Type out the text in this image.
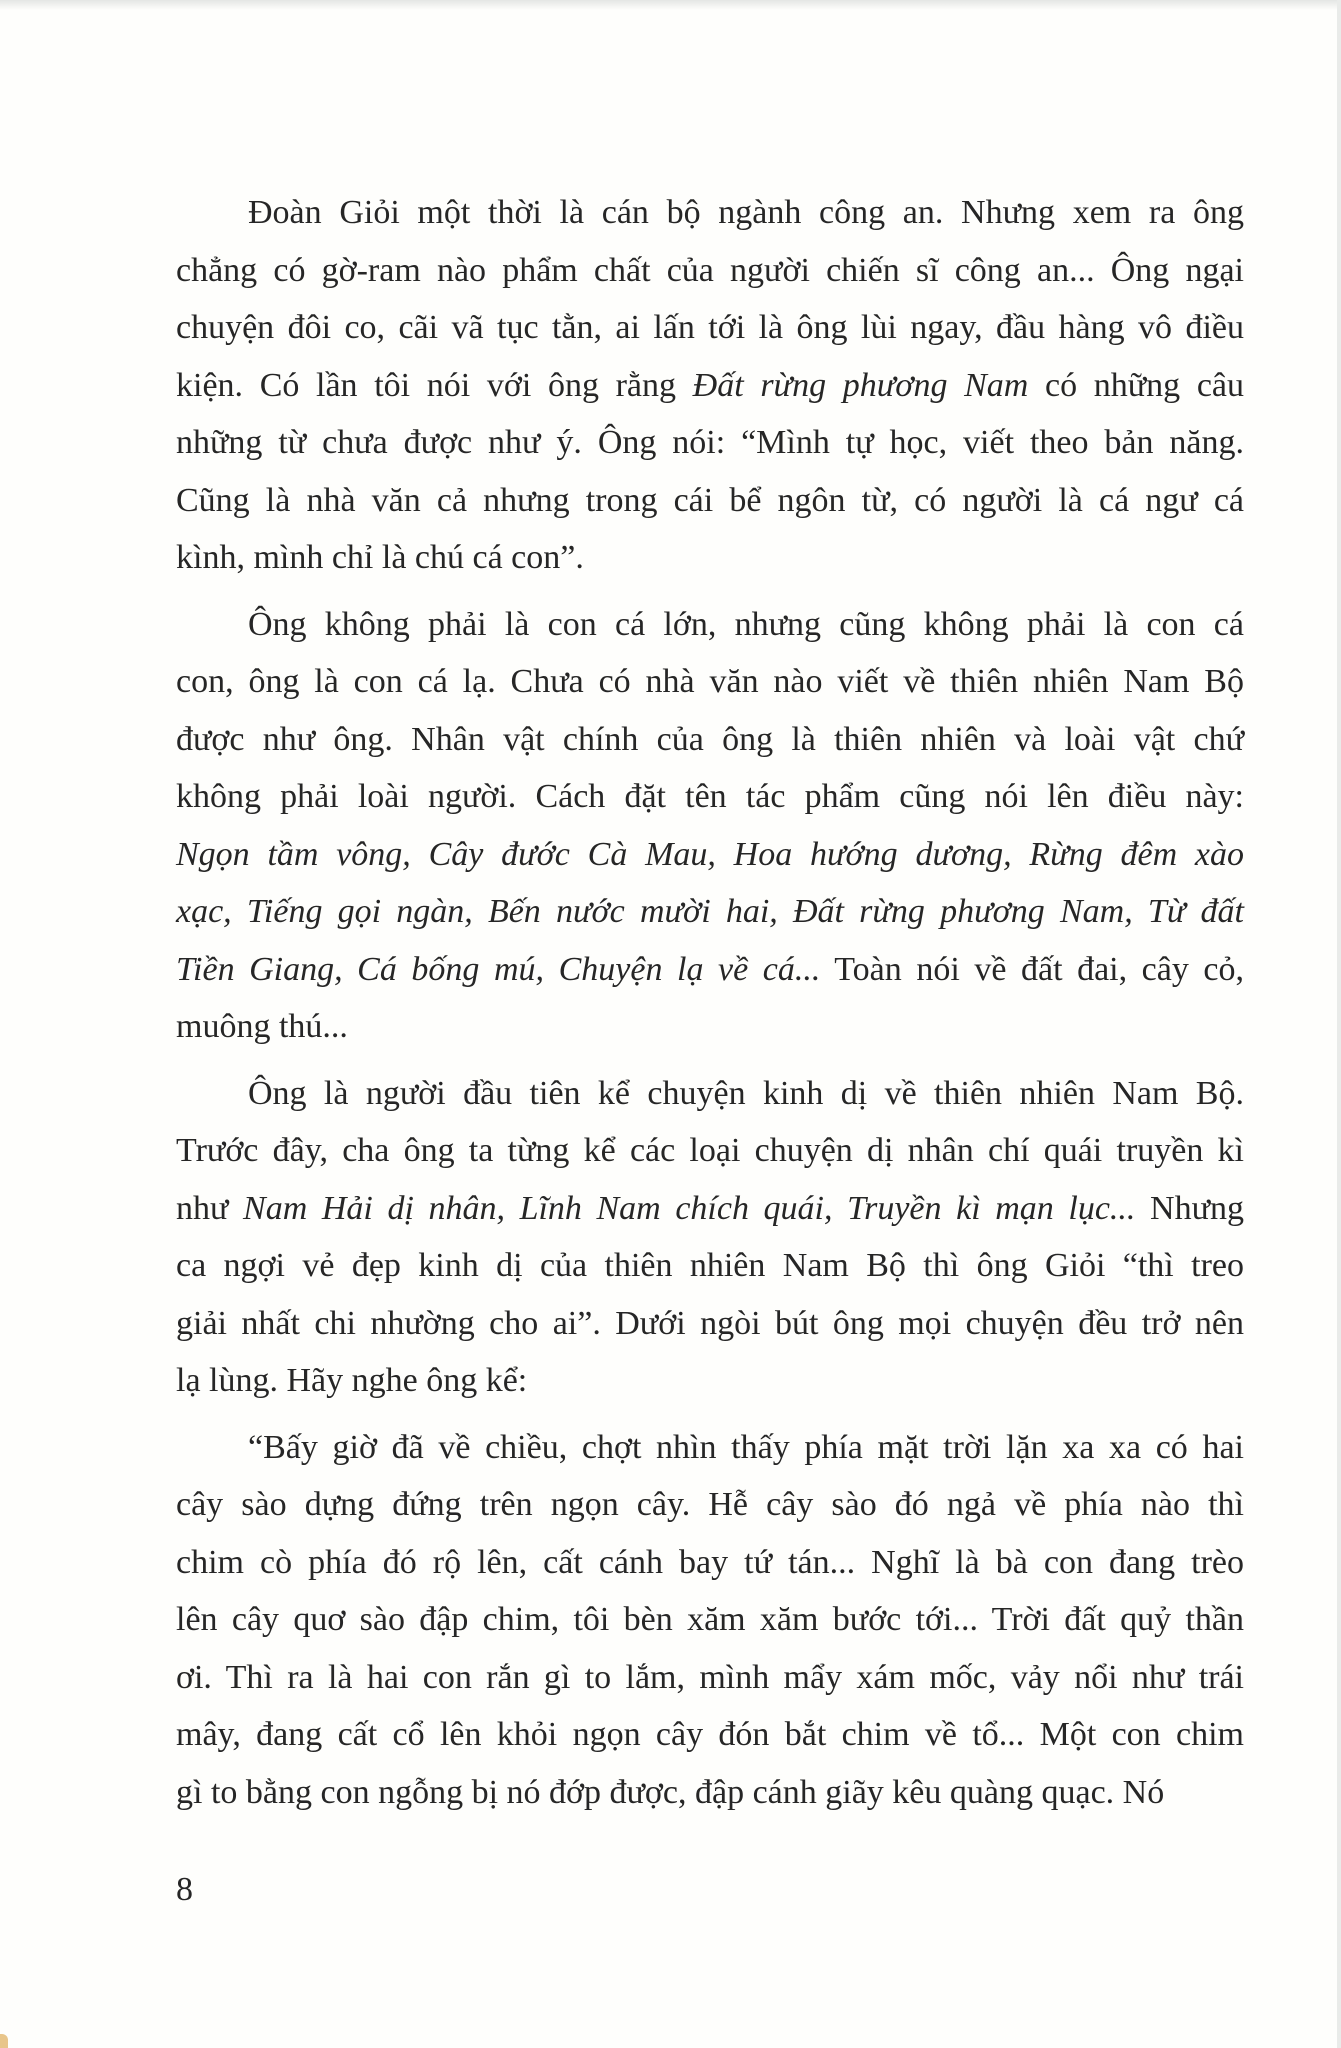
Đoàn Giỏi một thời là cán bộ ngành công an. Nhưng xem ra ông
chẳng có gờ-ram nào phẩm chất của người chiến sĩ công an... Ông ngại
chuyện đôi co, cãi vã tục tằn, ai lấn tới là ông lùi ngay, đầu hàng vô điều
kiện. Có lần tôi nói với ông rằng Đất rừng phương Nam có những câu
những từ chưa được như ý. Ông nói: “Mình tự học, viết theo bản năng.
Cũng là nhà văn cả nhưng trong cái bể ngôn từ, có người là cá ngư cá
kình, mình chỉ là chú cá con”.
Ông không phải là con cá lớn, nhưng cũng không phải là con cá
con, ông là con cá lạ. Chưa có nhà văn nào viết về thiên nhiên Nam Bộ
được như ông. Nhân vật chính của ông là thiên nhiên và loài vật chứ
không phải loài người. Cách đặt tên tác phẩm cũng nói lên điều này:
Ngọn tầm vông, Cây đước Cà Mau, Hoa hướng dương, Rừng đêm xào
xạc, Tiếng gọi ngàn, Bến nước mười hai, Đất rừng phương Nam, Từ đất
Tiền Giang, Cá bống mú, Chuyện lạ về cá... Toàn nói về đất đai, cây cỏ,
muông thú...
Ông là người đầu tiên kể chuyện kinh dị về thiên nhiên Nam Bộ.
Trước đây, cha ông ta từng kể các loại chuyện dị nhân chí quái truyền kì
như Nam Hải dị nhân, Lĩnh Nam chích quái, Truyền kì mạn lục... Nhưng
ca ngợi vẻ đẹp kinh dị của thiên nhiên Nam Bộ thì ông Giỏi “thì treo
giải nhất chi nhường cho ai”. Dưới ngòi bút ông mọi chuyện đều trở nên
lạ lùng. Hãy nghe ông kể:
“Bấy giờ đã về chiều, chợt nhìn thấy phía mặt trời lặn xa xa có hai
cây sào dựng đứng trên ngọn cây. Hễ cây sào đó ngả về phía nào thì
chim cò phía đó rộ lên, cất cánh bay tứ tán... Nghĩ là bà con đang trèo
lên cây quơ sào đập chim, tôi bèn xăm xăm bước tới... Trời đất quỷ thần
ơi. Thì ra là hai con rắn gì to lắm, mình mẩy xám mốc, vảy nổi như trái
mây, đang cất cổ lên khỏi ngọn cây đón bắt chim về tổ... Một con chim
gì to bằng con ngỗng bị nó đớp được, đập cánh giãy kêu quàng quạc. Nó
8
